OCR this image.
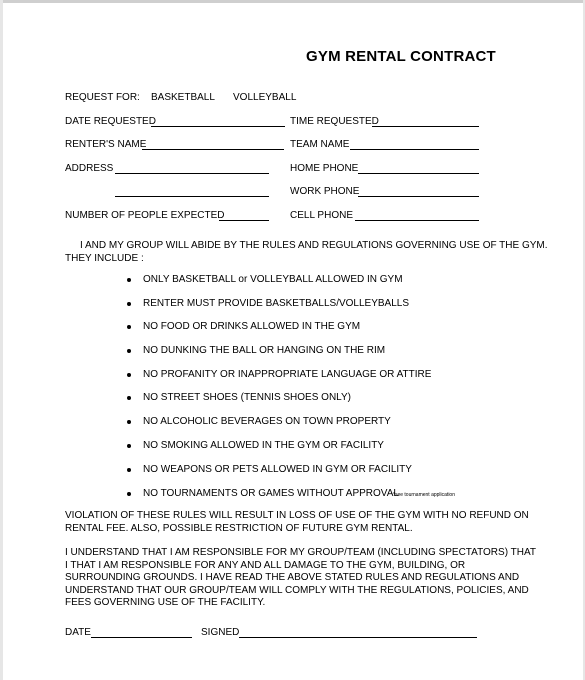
GYM RENTAL CONTRACT
REQUEST FOR: BASKETBALL VOLLEYBALL
DATE REQUESTED	TIME REQUESTED
RENTER'S NAME	TEAM NAME
ADDRESS	HOME PHONE
WORK PHONE
NUMBER OF PEOPLE EXPECTED	CELL PHONE
I AND MY GROUP WILL ABIDE BY THE RULES AND REGULATIONS GOVERNING USE OF THE GYM.
THEY INCLUDE :
ONLY BASKETBALL or VOLLEYBALL ALLOWED IN GYM
RENTER MUST PROVIDE BASKETBALLS/VOLLEYBALLS
NO FOOD OR DRINKS ALLOWED IN THE GYM
NO DUNKING THE BALL OR HANGING ON THE RIM
NO PROFANITY OR INAPPROPRIATE LANGUAGE OR ATTIRE
NO STREET SHOES (TENNIS SHOES ONLY)
NO ALCOHOLIC BEVERAGES ON TOWN PROPERTY
NO SMOKING ALLOWED IN THE GYM OR FACILITY
NO WEAPONS OR PETS ALLOWED IN GYM OR FACILITY
NO TOURNAMENTS OR GAMES WITHOUT APPROVAL
*see tournament application
VIOLATION OF THESE RULES WILL RESULT IN LOSS OF USE OF THE GYM WITH NO REFUND ON
RENTAL FEE. ALSO, POSSIBLE RESTRICTION OF FUTURE GYM RENTAL.
I UNDERSTAND THAT I AM RESPONSIBLE FOR MY GROUP/TEAM (INCLUDING SPECTATORS) THAT
I THAT I AM RESPONSIBLE FOR ANY AND ALL DAMAGE TO THE GYM, BUILDING, OR
SURROUNDING GROUNDS. I HAVE READ THE ABOVE STATED RULES AND REGULATIONS AND
UNDERSTAND THAT OUR GROUP/TEAM WILL COMPLY WITH THE REGULATIONS, POLICIES, AND
FEES GOVERNING USE OF THE FACILITY.
DATE	SIGNED
